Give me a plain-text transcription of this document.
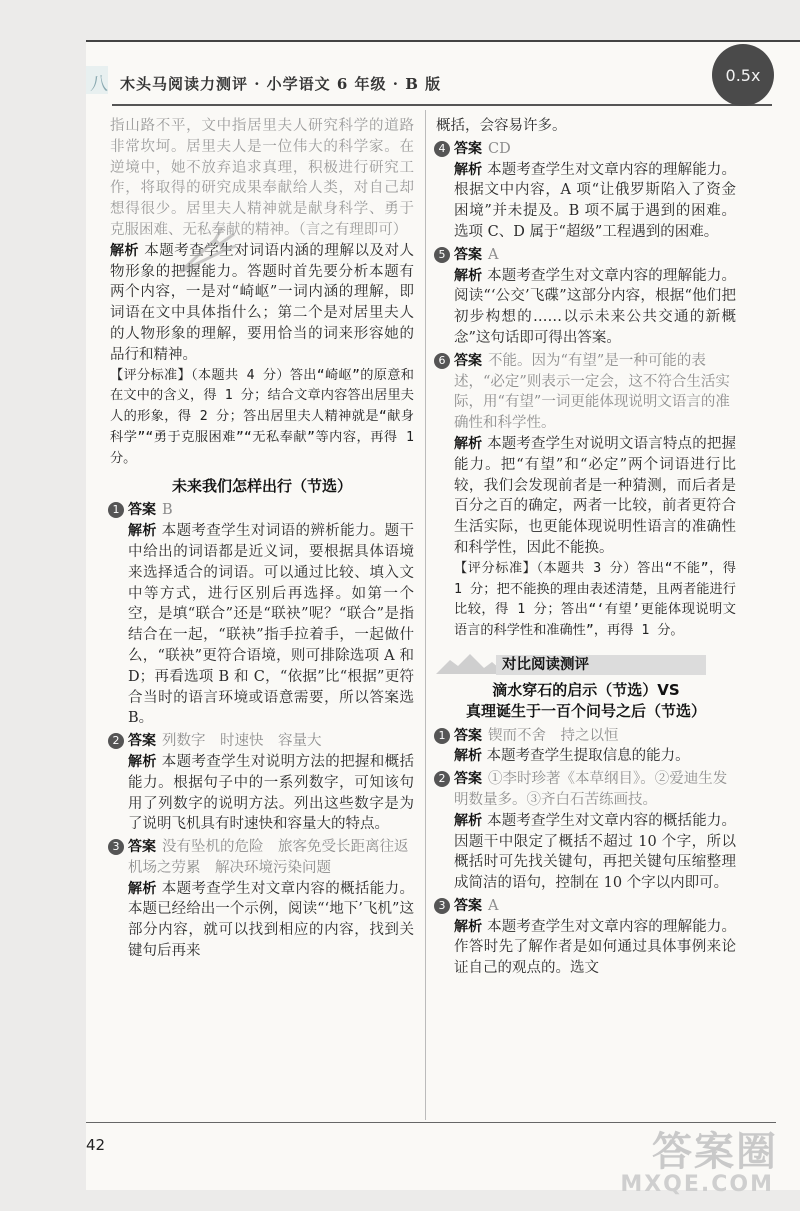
八 木头马阅读力测评 · 小学语文 6 年级 · B 版	0.5x

指山路不平，文中指居里夫人研究科学的道路非常坎坷。居里夫人是一位伟大的科学家。在逆境中，她不放弃追求真理，积极进行研究工作，将取得的研究成果奉献给人类，对自己却想得很少。居里夫人精神就是献身科学、勇于克服困难、无私奉献的精神。（言之有理即可）

解析 本题考查学生对词语内涵的理解以及对人物形象的把握能力。答题时首先要分析本题有两个内容，一是对“崎岖”一词内涵的理解，即词语在文中具体指什么；第二个是对居里夫人的人物形象的理解，要用恰当的词来形容她的品行和精神。

【评分标准】（本题共 4 分）答出“崎岖”的原意和在文中的含义，得 1 分；结合文章内容答出居里夫人的形象，得 2 分；答出居里夫人精神就是“献身科学”“勇于克服困难”“无私奉献”等内容，再得 1 分。

未来我们怎样出行（节选）
1 答案 B

解析 本题考查学生对词语的辨析能力。题干中给出的词语都是近义词，要根据具体语境来选择适合的词语。可以通过比较、填入文中等方式，进行区别后再选择。如第一个空，是填“联合”还是“联袂”呢？“联合”是指结合在一起，“联袂”指手拉着手，一起做什么，“联袂”更符合语境，则可排除选项 A 和 D；再看选项 B 和 C，“依据”比“根据”更符合当时的语言环境或语意需要，所以答案选 B。

2 答案 列数字　时速快　容量大

解析 本题考查学生对说明方法的把握和概括能力。根据句子中的一系列数字，可知该句用了列数字的说明方法。列出这些数字是为了说明飞机具有时速快和容量大的特点。

3 答案 没有坠机的危险　旅客免受长距离往返机场之劳累　解决环境污染问题

解析 本题考查学生对文章内容的概括能力。本题已经给出一个示例，阅读“‘地下’飞机”这部分内容，就可以找到相应的内容，找到关键句后再来

概括，会容易许多。

4 答案 CD

解析 本题考查学生对文章内容的理解能力。根据文中内容，A 项“让俄罗斯陷入了资金困境”并未提及。B 项不属于遇到的困难。选项 C、D 属于“超级”工程遇到的困难。

5 答案 A

解析 本题考查学生对文章内容的理解能力。阅读“‘公交’飞碟”这部分内容，根据“他们把初步构想的……以示未来公共交通的新概念”这句话即可得出答案。

6 答案 不能。因为“有望”是一种可能的表述，“必定”则表示一定会，这不符合生活实际，用“有望”一词更能体现说明文语言的准确性和科学性。

解析 本题考查学生对说明文语言特点的把握能力。把“有望”和“必定”两个词语进行比较，我们会发现前者是一种猜测，而后者是百分之百的确定，两者一比较，前者更符合生活实际，也更能体现说明性语言的准确性和科学性，因此不能换。

【评分标准】（本题共 3 分）答出“不能”，得 1 分；把不能换的理由表述清楚，且两者能进行比较，得 1 分；答出“‘有望’更能体现说明文语言的科学性和准确性”，再得 1 分。

对比阅读测评
滴水穿石的启示（节选）VS
真理诞生于一百个问号之后（节选）
1 答案 锲而不舍　持之以恒

解析 本题考查学生提取信息的能力。

2 答案 ①李时珍著《本草纲目》。②爱迪生发明数量多。③齐白石苦练画技。

解析 本题考查学生对文章内容的概括能力。因题干中限定了概括不超过 10 个字，所以概括时可先找关键句，再把关键句压缩整理成简洁的语句，控制在 10 个字以内即可。

3 答案 A

解析 本题考查学生对文章内容的理解能力。作答时先了解作者是如何通过具体事例来论证自己的观点的。选文

42	答案圈
MXQE.COM
